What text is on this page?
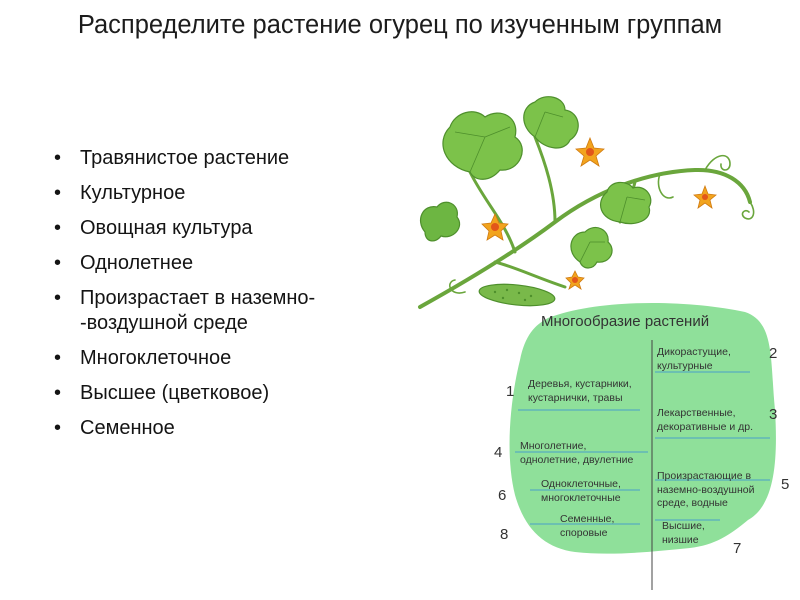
Распределите растение огурец по изученным группам
• Травянистое растение
• Культурное
• Овощная культура
• Однолетнее
• Произрастает в наземно- -воздушной среде
• Многоклеточное
• Высшее (цветковое)
• Семенное
Многообразие растений
Деревья, кустарники,
кустарнички, травы
1
Многолетние,
однолетние, двулетние
4
Одноклеточные,
многоклеточные
6
Семенные,
споровые
8
Дикорастущие,
культурные
2
Лекарственные,
декоративные и др.
3
Произрастающие в
наземно-воздушной
среде, водные
5
Высшие,
низшие
7
